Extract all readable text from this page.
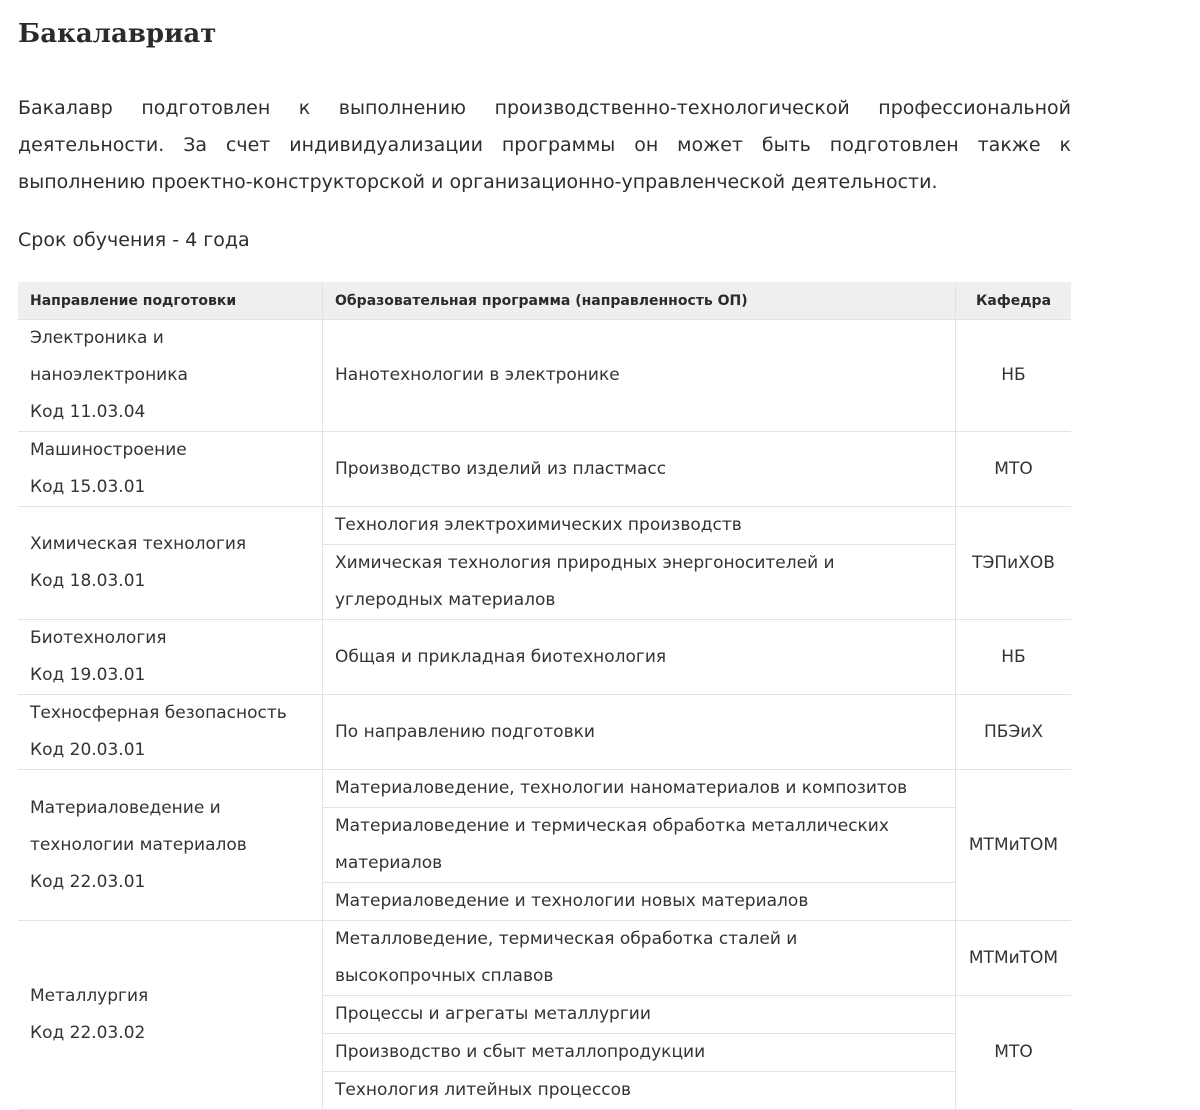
Бакалавриат

Бакалавр подготовлен к выполнению производственно-технологической профессиональной деятельности. За счет индивидуализации программы он может быть подготовлен также к выполнению проектно-конструкторской и организационно-управленческой деятельности.

Срок обучения - 4 года

Направление подготовки	Образовательная программа (направленность ОП)	Кафедра

Электроника и наноэлектроника
Код 11.03.04	Нанотехнологии в электронике	НБ

Машиностроение
Код 15.03.01	Производство изделий из пластмасс	МТО

Химическая технология
Код 18.03.01	Технология электрохимических производств	ТЭПиХОВ
	Химическая технология природных энергоносителей и углеродных материалов	

Биотехнология
Код 19.03.01	Общая и прикладная биотехнология	НБ

Техносферная безопасность
Код 20.03.01	По направлению подготовки	ПБЭиХ

Материаловедение и технологии материалов
Код 22.03.01	Материаловедение, технологии наноматериалов и композитов	МТМиТОМ
	Материаловедение и термическая обработка металлических материалов	
	Материаловедение и технологии новых материалов	

Металлургия
Код 22.03.02	Металловедение, термическая обработка сталей и высокопрочных сплавов	МТМиТОМ
	Процессы и агрегаты металлургии	МТО
	Производство и сбыт металлопродукции	
	Технология литейных процессов	
